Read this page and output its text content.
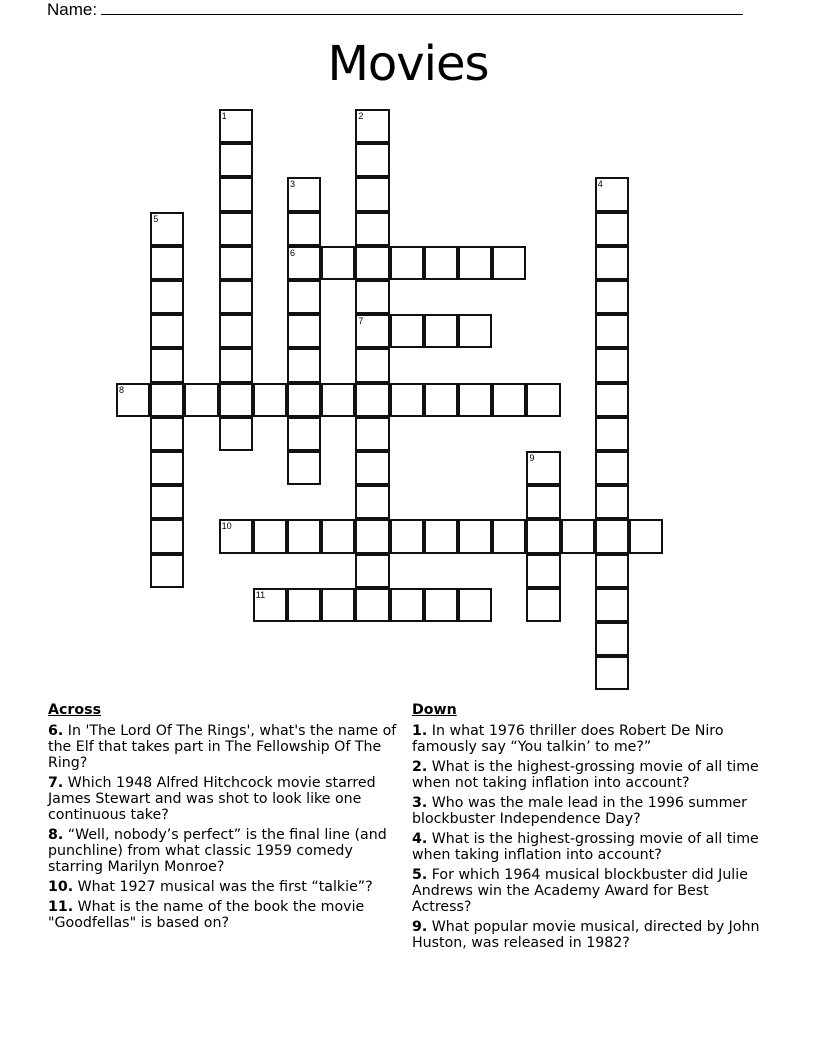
Name:
Movies
1	2
7
3
6
4
5
8
9
10
11
Across
6. In 'The Lord Of The Rings', what's the name of the Elf that takes part in The Fellowship Of The Ring?
7. Which 1948 Alfred Hitchcock movie starred James Stewart and was shot to look like one continuous take?
8. “Well, nobody’s perfect” is the final line (and punchline) from what classic 1959 comedy starring Marilyn Monroe?
10. What 1927 musical was the first “talkie”?
11. What is the name of the book the movie "Goodfellas" is based on?
Down
1. In what 1976 thriller does Robert De Niro famously say “You talkin’ to me?”
2. What is the highest-grossing movie of all time when not taking inflation into account?
3. Who was the male lead in the 1996 summer blockbuster Independence Day?
4. What is the highest-grossing movie of all time when taking inflation into account?
5. For which 1964 musical blockbuster did Julie Andrews win the Academy Award for Best Actress?
9. What popular movie musical, directed by John Huston, was released in 1982?
